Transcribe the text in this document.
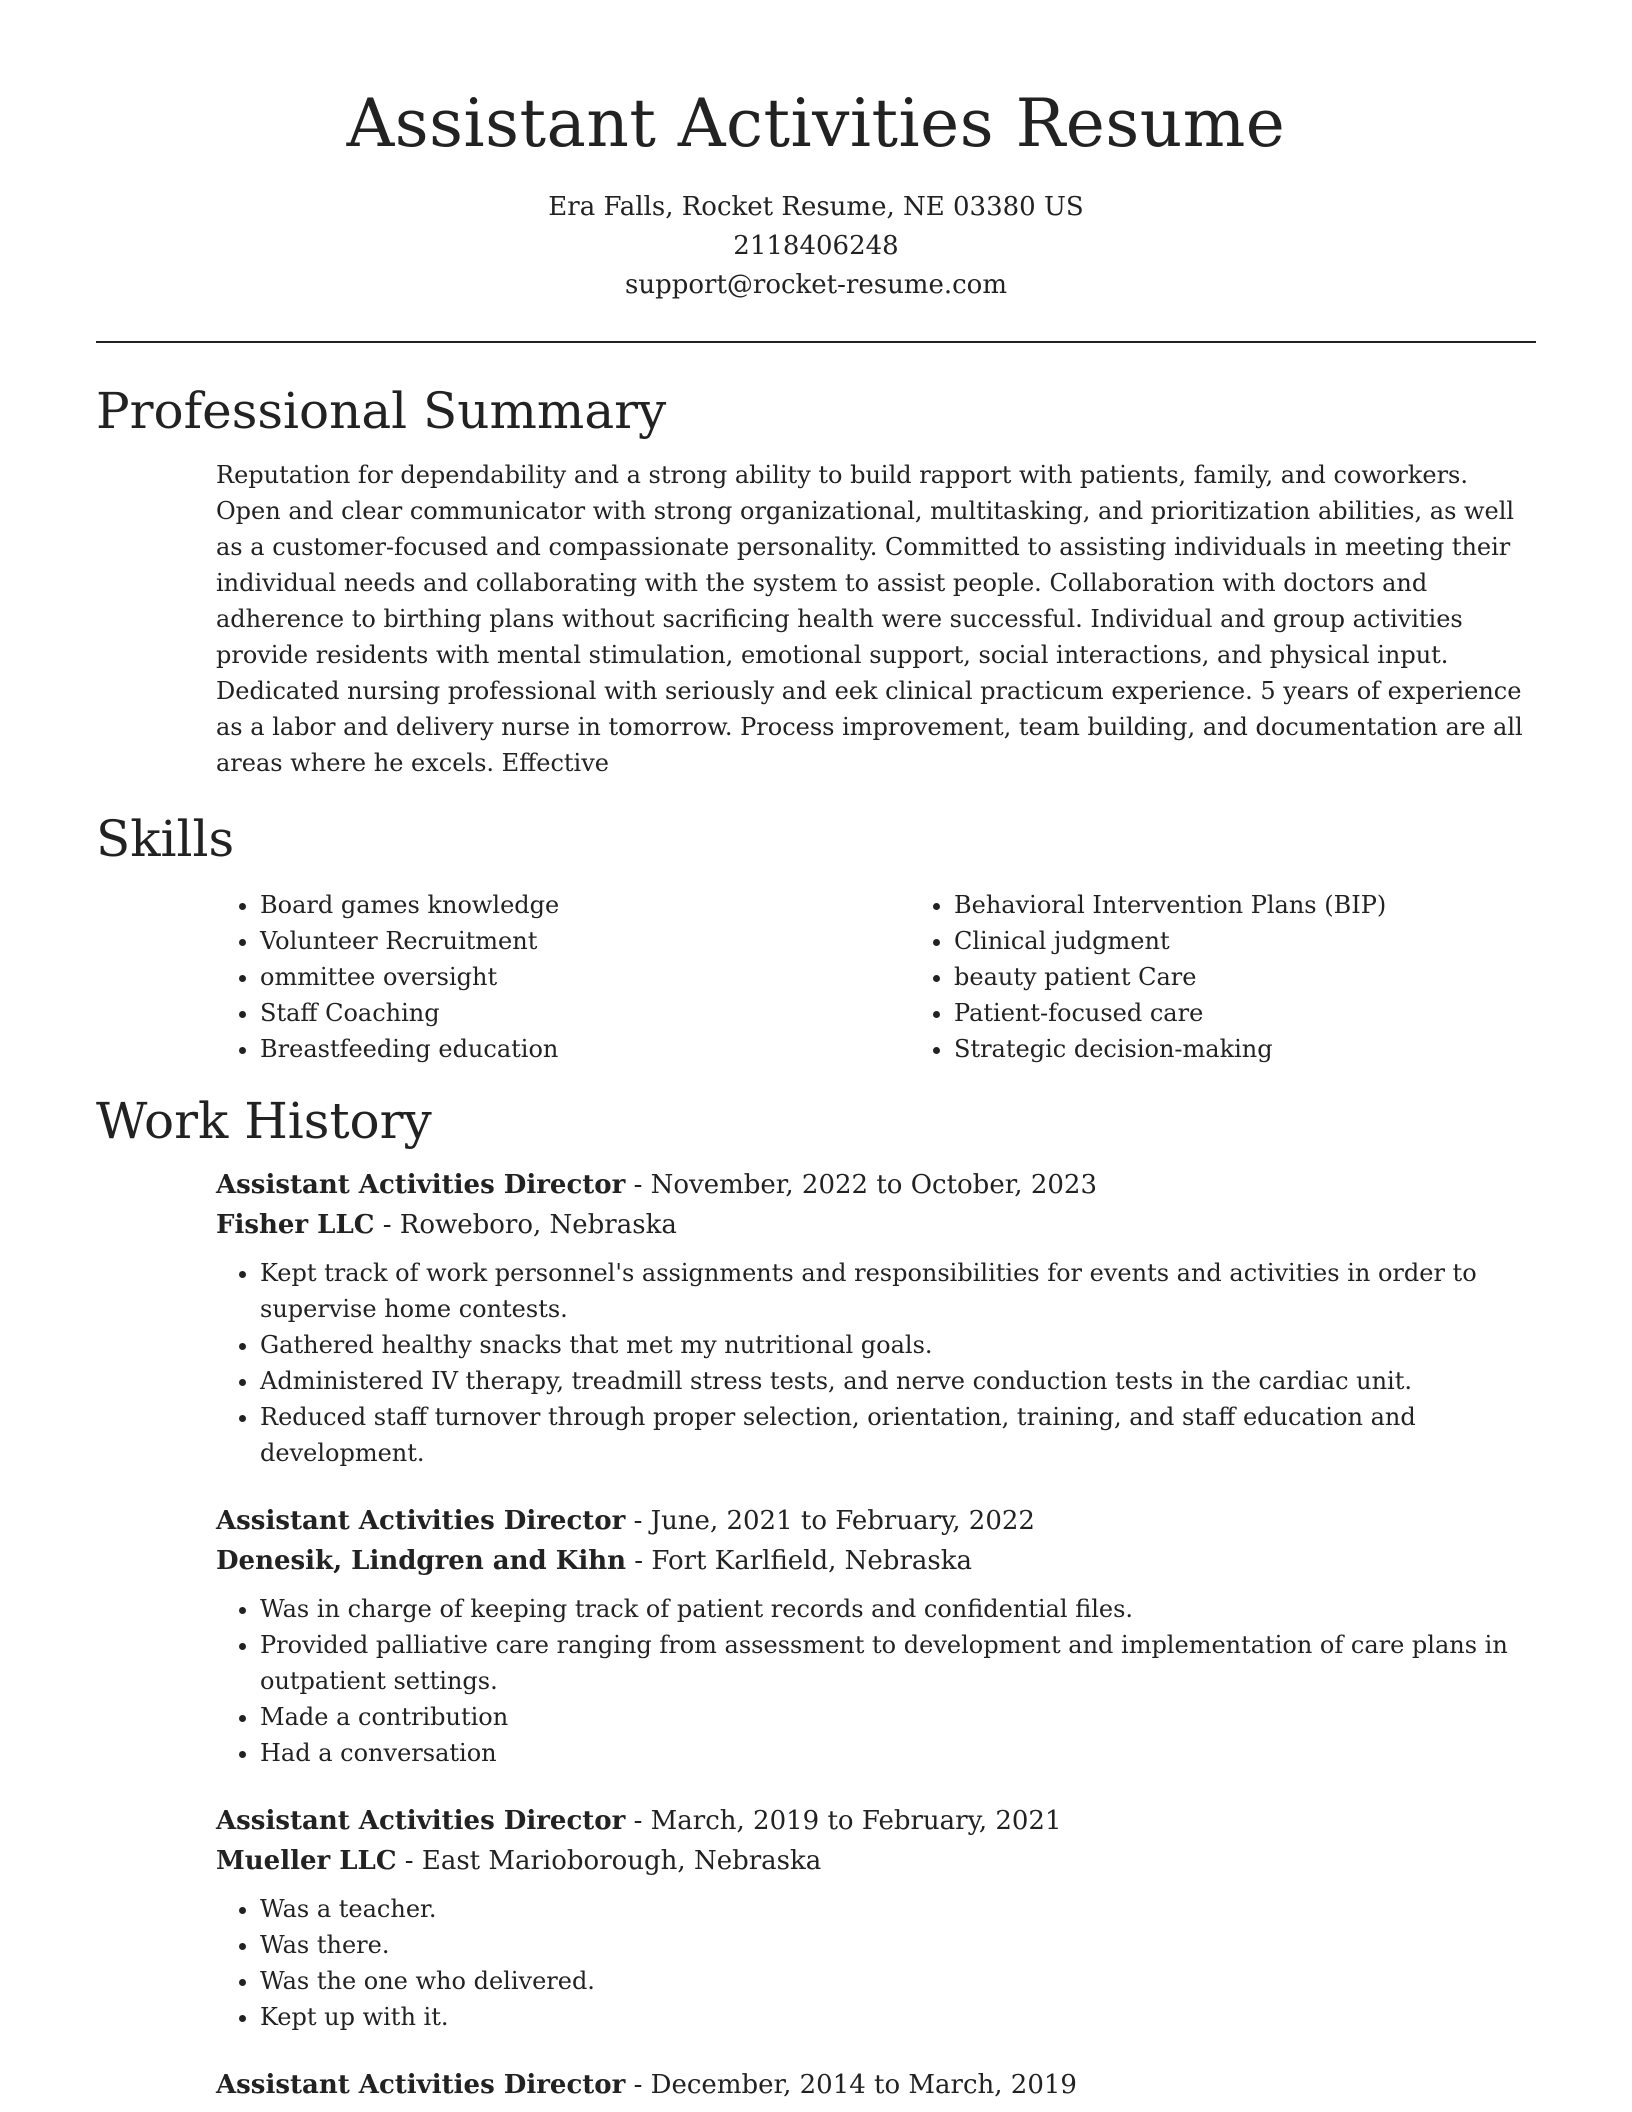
Assistant Activities Resume
Era Falls, Rocket Resume, NE 03380 US
2118406248
support@rocket-resume.com
Professional Summary
Reputation for dependability and a strong ability to build rapport with patients, family, and coworkers. Open and clear communicator with strong organizational, multitasking, and prioritization abilities, as well as a customer-focused and compassionate personality. Committed to assisting individuals in meeting their individual needs and collaborating with the system to assist people. Collaboration with doctors and adherence to birthing plans without sacrificing health were successful. Individual and group activities provide residents with mental stimulation, emotional support, social interactions, and physical input. Dedicated nursing professional with seriously and eek clinical practicum experience. 5 years of experience as a labor and delivery nurse in tomorrow. Process improvement, team building, and documentation are all areas where he excels. Effective
Skills
• Board games knowledge
• Volunteer Recruitment
• ommittee oversight
• Staff Coaching
• Breastfeeding education
• Behavioral Intervention Plans (BIP)
• Clinical judgment
• beauty patient Care
• Patient-focused care
• Strategic decision-making
Work History
Assistant Activities Director - November, 2022 to October, 2023
Fisher LLC - Roweboro, Nebraska
• Kept track of work personnel's assignments and responsibilities for events and activities in order to supervise home contests.
• Gathered healthy snacks that met my nutritional goals.
• Administered IV therapy, treadmill stress tests, and nerve conduction tests in the cardiac unit.
• Reduced staff turnover through proper selection, orientation, training, and staff education and development.
Assistant Activities Director - June, 2021 to February, 2022
Denesik, Lindgren and Kihn - Fort Karlfield, Nebraska
• Was in charge of keeping track of patient records and confidential files.
• Provided palliative care ranging from assessment to development and implementation of care plans in outpatient settings.
• Made a contribution
• Had a conversation
Assistant Activities Director - March, 2019 to February, 2021
Mueller LLC - East Marioborough, Nebraska
• Was a teacher.
• Was there.
• Was the one who delivered.
• Kept up with it.
Assistant Activities Director - December, 2014 to March, 2019
